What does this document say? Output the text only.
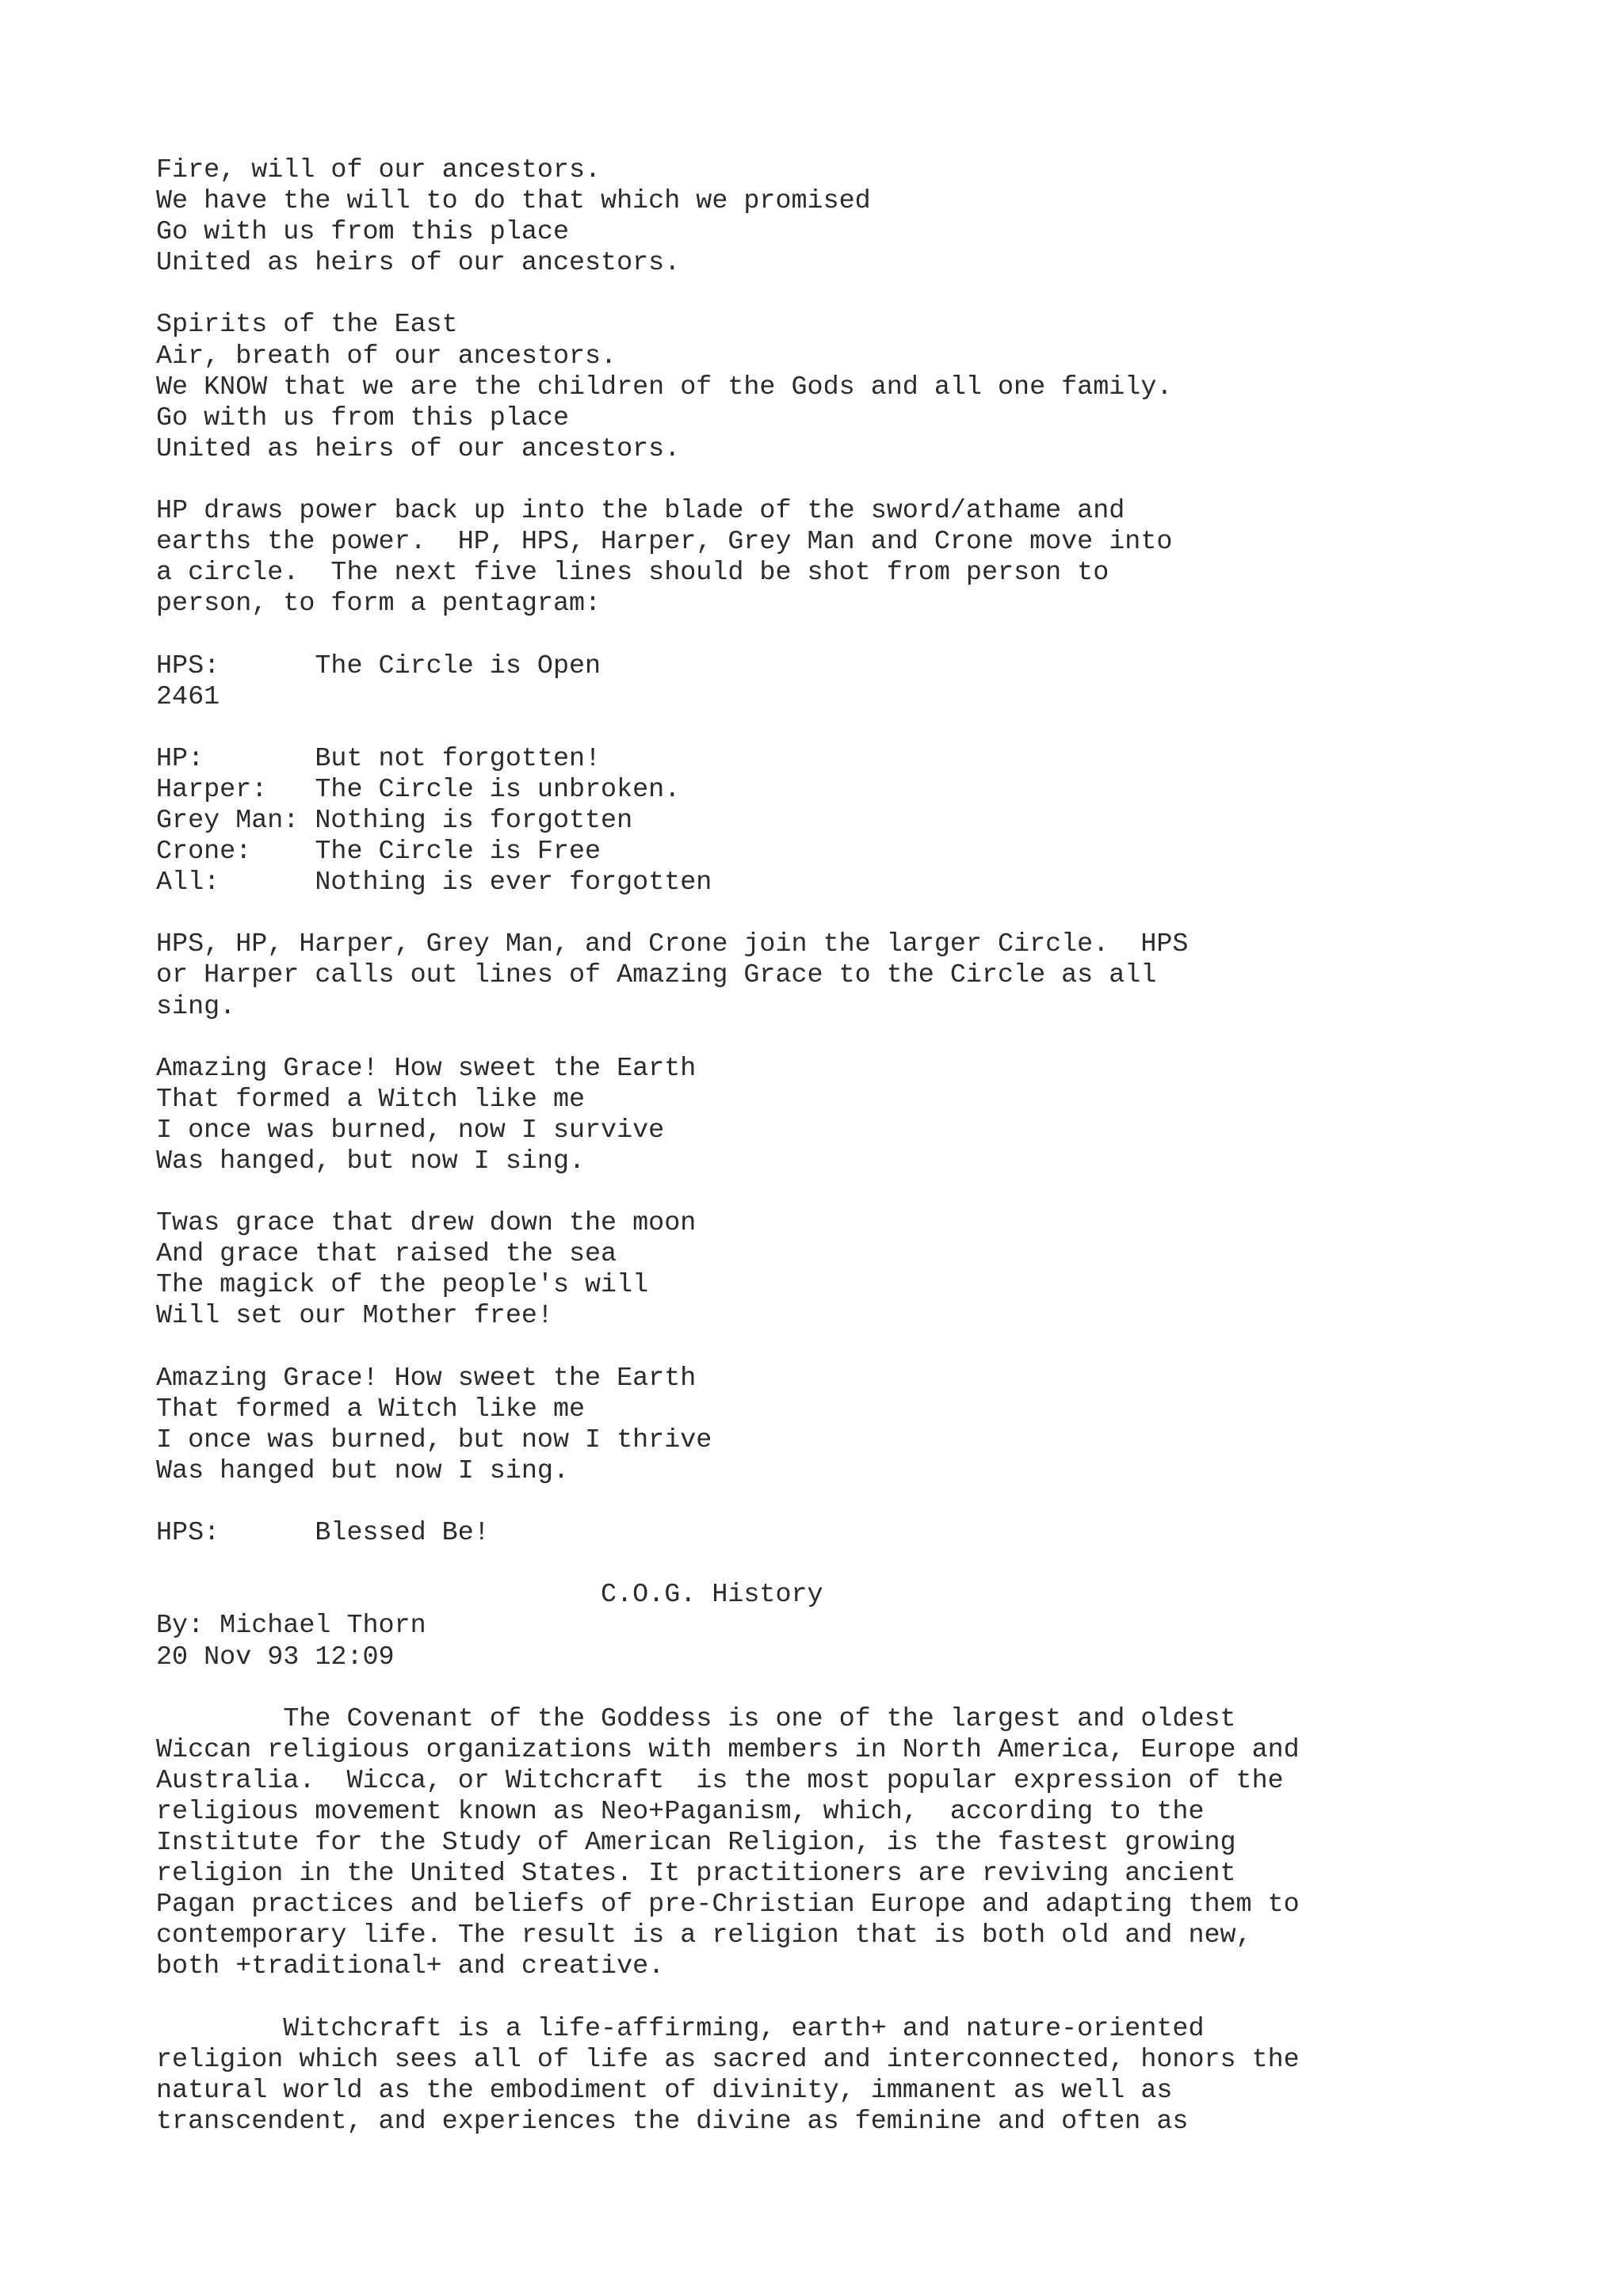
Fire, will of our ancestors.
We have the will to do that which we promised
Go with us from this place
United as heirs of our ancestors.
Spirits of the East
Air, breath of our ancestors.
We KNOW that we are the children of the Gods and all one family.
Go with us from this place
United as heirs of our ancestors.
HP draws power back up into the blade of the sword/athame and
earths the power.  HP, HPS, Harper, Grey Man and Crone move into
a circle.  The next five lines should be shot from person to
person, to form a pentagram:
HPS:      The Circle is Open
2461
HP:       But not forgotten!
Harper:   The Circle is unbroken.
Grey Man: Nothing is forgotten
Crone:    The Circle is Free
All:      Nothing is ever forgotten
HPS, HP, Harper, Grey Man, and Crone join the larger Circle.  HPS
or Harper calls out lines of Amazing Grace to the Circle as all
sing.
Amazing Grace! How sweet the Earth
That formed a Witch like me
I once was burned, now I survive
Was hanged, but now I sing.
Twas grace that drew down the moon
And grace that raised the sea
The magick of the people's will
Will set our Mother free!
Amazing Grace! How sweet the Earth
That formed a Witch like me
I once was burned, but now I thrive
Was hanged but now I sing.
HPS:      Blessed Be!
C.O.G. History
By: Michael Thorn
20 Nov 93 12:09
The Covenant of the Goddess is one of the largest and oldest
Wiccan religious organizations with members in North America, Europe and
Australia.  Wicca, or Witchcraft  is the most popular expression of the
religious movement known as Neo+Paganism, which,  according to the
Institute for the Study of American Religion, is the fastest growing
religion in the United States. It practitioners are reviving ancient
Pagan practices and beliefs of pre-Christian Europe and adapting them to
contemporary life. The result is a religion that is both old and new,
both +traditional+ and creative.
Witchcraft is a life-affirming, earth+ and nature-oriented
religion which sees all of life as sacred and interconnected, honors the
natural world as the embodiment of divinity, immanent as well as
transcendent, and experiences the divine as feminine and often as
